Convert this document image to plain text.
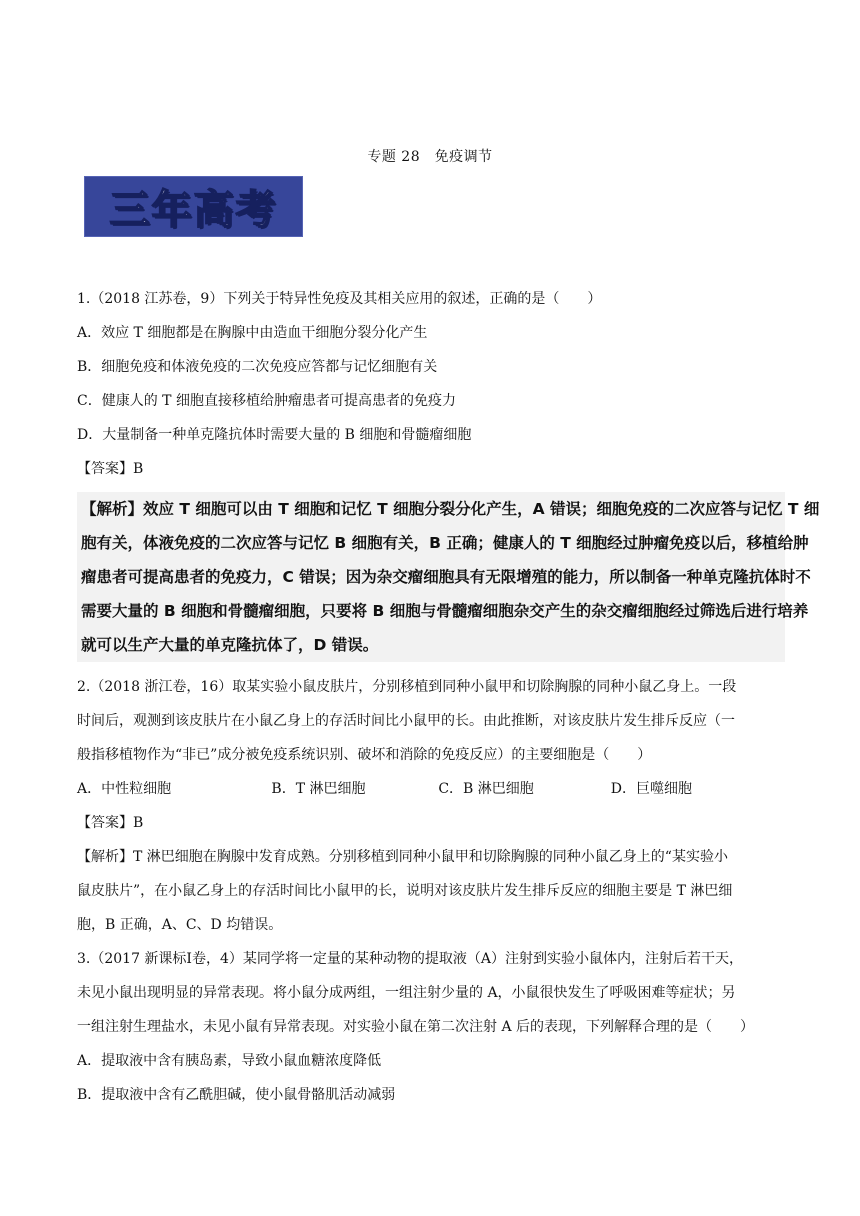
专题 28　免疫调节
三年高考
1.（2018 江苏卷，9）下列关于特异性免疫及其相关应用的叙述，正确的是（　　）
A．效应 T 细胞都是在胸腺中由造血干细胞分裂分化产生
B．细胞免疫和体液免疫的二次免疫应答都与记忆细胞有关
C．健康人的 T 细胞直接移植给肿瘤患者可提高患者的免疫力
D．大量制备一种单克隆抗体时需要大量的 B 细胞和骨髓瘤细胞
【答案】B
【解析】效应 T 细胞可以由 T 细胞和记忆 T 细胞分裂分化产生，A 错误；细胞免疫的二次应答与记忆 T 细
胞有关，体液免疫的二次应答与记忆 B 细胞有关，B 正确；健康人的 T 细胞经过肿瘤免疫以后，移植给肿
瘤患者可提高患者的免疫力，C 错误；因为杂交瘤细胞具有无限增殖的能力，所以制备一种单克隆抗体时不
需要大量的 B 细胞和骨髓瘤细胞，只要将 B 细胞与骨髓瘤细胞杂交产生的杂交瘤细胞经过筛选后进行培养
就可以生产大量的单克隆抗体了，D 错误。
2.（2018 浙江卷，16）取某实验小鼠皮肤片，分别移植到同种小鼠甲和切除胸腺的同种小鼠乙身上。一段
时间后，观测到该皮肤片在小鼠乙身上的存活时间比小鼠甲的长。由此推断，对该皮肤片发生排斥反应（一
般指移植物作为“非已”成分被免疫系统识别、破坏和消除的免疫反应）的主要细胞是（　　）
A．中性粒细胞	B．T 淋巴细胞	C．B 淋巴细胞	D．巨噬细胞
【答案】B
【解析】T 淋巴细胞在胸腺中发育成熟。分别移植到同种小鼠甲和切除胸腺的同种小鼠乙身上的“某实验小
鼠皮肤片”，在小鼠乙身上的存活时间比小鼠甲的长，说明对该皮肤片发生排斥反应的细胞主要是 T 淋巴细
胞，B 正确，A、C、D 均错误。
3.（2017 新课标Ⅰ卷，4）某同学将一定量的某种动物的提取液（A）注射到实验小鼠体内，注射后若干天，
未见小鼠出现明显的异常表现。将小鼠分成两组，一组注射少量的 A，小鼠很快发生了呼吸困难等症状；另
一组注射生理盐水，未见小鼠有异常表现。对实验小鼠在第二次注射 A 后的表现，下列解释合理的是（　　）
A．提取液中含有胰岛素，导致小鼠血糖浓度降低
B．提取液中含有乙酰胆碱，使小鼠骨骼肌活动减弱
